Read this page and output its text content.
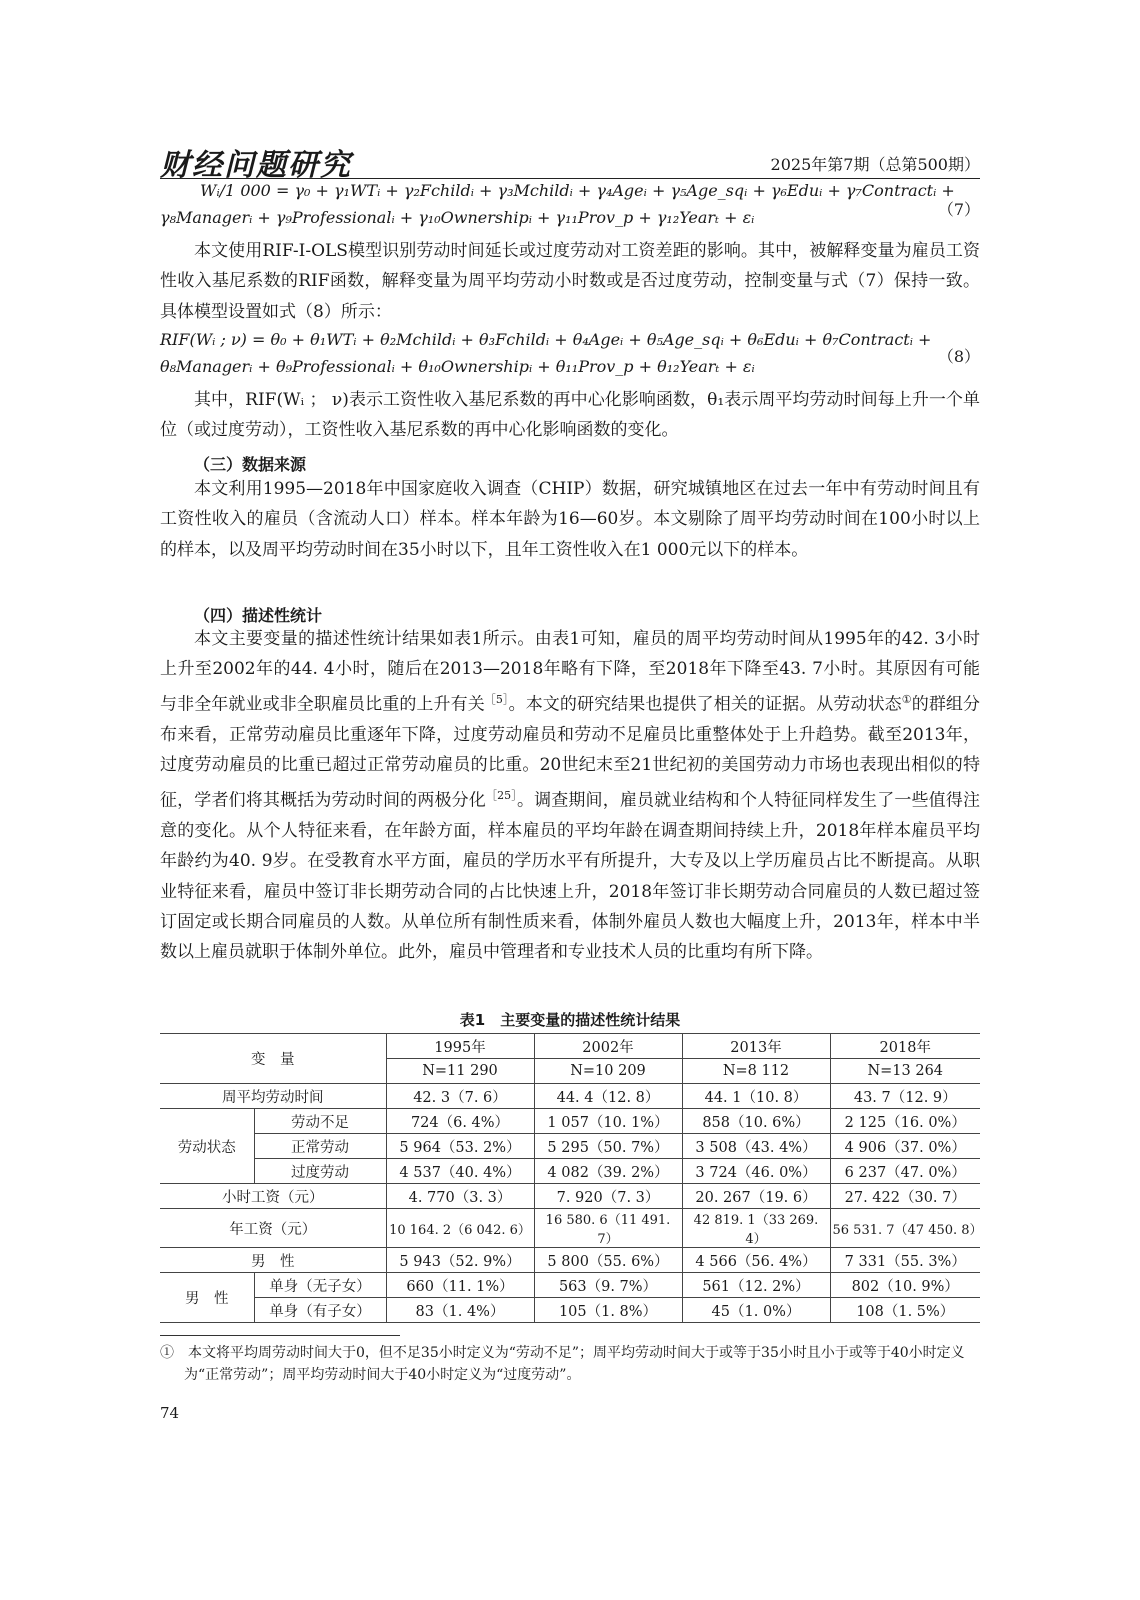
财经问题研究	2025年第7期（总第500期）
Wᵢ/1 000 = γ₀ + γ₁WTᵢ + γ₂Fchildᵢ + γ₃Mchildᵢ + γ₄Ageᵢ + γ₅Age_sqᵢ + γ₆Eduᵢ + γ₇Contractᵢ +
γ₈Managerᵢ + γ₉Professionalᵢ + γ₁₀Ownershipᵢ + γ₁₁Prov_p + γ₁₂Yearₜ + εᵢ	（7）

本文使用RIF-I-OLS模型识别劳动时间延长或过度劳动对工资差距的影响。其中，被解释变量为雇员工资性收入基尼系数的RIF函数，解释变量为周平均劳动小时数或是否过度劳动，控制变量与式（7）保持一致。具体模型设置如式（8）所示：

RIF(Wᵢ ; ν) = θ₀ + θ₁WTᵢ + θ₂Mchildᵢ + θ₃Fchildᵢ + θ₄Ageᵢ + θ₅Age_sqᵢ + θ₆Eduᵢ + θ₇Contractᵢ +
θ₈Managerᵢ + θ₉Professionalᵢ + θ₁₀Ownershipᵢ + θ₁₁Prov_p + θ₁₂Yearₜ + εᵢ
（8）

其中，RIF(Wᵢ ； ν)表示工资性收入基尼系数的再中心化影响函数，θ₁表示周平均劳动时间每上升一个单位（或过度劳动），工资性收入基尼系数的再中心化影响函数的变化。

（三）数据来源

本文利用1995—2018年中国家庭收入调查（CHIP）数据，研究城镇地区在过去一年中有劳动时间且有工资性收入的雇员（含流动人口）样本。样本年龄为16—60岁。本文剔除了周平均劳动时间在100小时以上的样本，以及周平均劳动时间在35小时以下，且年工资性收入在1 000元以下的样本。

（四）描述性统计

本文主要变量的描述性统计结果如表1所示。由表1可知，雇员的周平均劳动时间从1995年的42. 3小时上升至2002年的44. 4小时，随后在2013—2018年略有下降，至2018年下降至43. 7小时。其原因有可能与非全年就业或非全职雇员比重的上升有关$^{[5]}$。本文的研究结果也提供了相关的证据。从劳动状态①的群组分布来看，正常劳动雇员比重逐年下降，过度劳动雇员和劳动不足雇员比重整体处于上升趋势。截至2013年，过度劳动雇员的比重已超过正常劳动雇员的比重。20世纪末至21世纪初的美国劳动力市场也表现出相似的特征，学者们将其概括为劳动时间的两极分化$^{[25]}$。调查期间，雇员就业结构和个人特征同样发生了一些值得注意的变化。从个人特征来看，在年龄方面，样本雇员的平均年龄在调查期间持续上升，2018年样本雇员平均年龄约为40. 9岁。在受教育水平方面，雇员的学历水平有所提升，大专及以上学历雇员占比不断提高。从职业特征来看，雇员中签订非长期劳动合同的占比快速上升，2018年签订非长期劳动合同雇员的人数已超过签订固定或长期合同雇员的人数。从单位所有制性质来看，体制外雇员人数也大幅度上升，2013年，样本中半数以上雇员就职于体制外单位。此外，雇员中管理者和专业技术人员的比重均有所下降。

表1　主要变量的描述性统计结果
变　量		1995年	2002年	2013年	2018年
		N=11 290	N=10 209	N=8 112	N=13 264
周平均劳动时间		42. 3（7. 6）	44. 4（12. 8）	44. 1（10. 8）	43. 7（12. 9）
劳动状态	劳动不足	724（6. 4%）	1 057（10. 1%）	858（10. 6%）	2 125（16. 0%）
	正常劳动	5 964（53. 2%）	5 295（50. 7%）	3 508（43. 4%）	4 906（37. 0%）
	过度劳动	4 537（40. 4%）	4 082（39. 2%）	3 724（46. 0%）	6 237（47. 0%）
小时工资（元）		4. 770（3. 3）	7. 920（7. 3）	20. 267（19. 6）	27. 422（30. 7）
年工资（元）		10 164. 2（6 042. 6）	16 580. 6（11 491. 7）	42 819. 1（33 269. 4）	56 531. 7（47 450. 8）
男　性		5 943（52. 9%）	5 800（55. 6%）	4 566（56. 4%）	7 331（55. 3%）
男　性	单身（无子女）	660（11. 1%）	563（9. 7%）	561（12. 2%）	802（10. 9%）
	单身（有子女）	83（1. 4%）	105（1. 8%）	45（1. 0%）	108（1. 5%）
①　本文将平均周劳动时间大于0，但不足35小时定义为“劳动不足”；周平均劳动时间大于或等于35小时且小于或等于40小时定义为“正常劳动”；周平均劳动时间大于40小时定义为“过度劳动”。
74
